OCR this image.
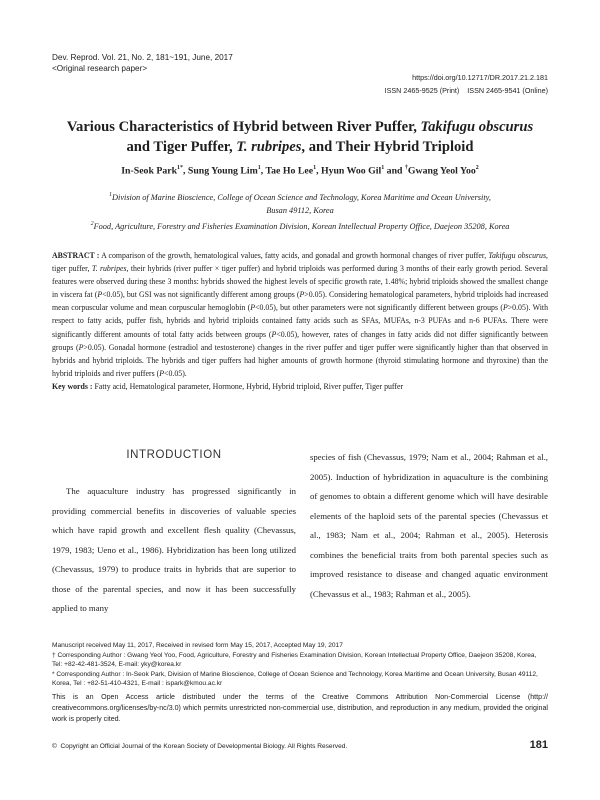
Dev. Reprod. Vol. 21, No. 2, 181~191, June, 2017
<Original research paper>
https://doi.org/10.12717/DR.2017.21.2.181
ISSN 2465-9525 (Print)    ISSN 2465-9541 (Online)
Various Characteristics of Hybrid between River Puffer, Takifugu obscurus
and Tiger Puffer, T. rubripes, and Their Hybrid Triploid
In-Seok Park$^{1*}$, Sung Young Lim$^1$, Tae Ho Lee$^1$, Hyun Woo Gil$^1$ and †Gwang Yeol Yoo$^2$
$^1$Division of Marine Bioscience, College of Ocean Science and Technology, Korea Maritime and Ocean University,
Busan 49112, Korea
$^2$Food, Agriculture, Forestry and Fisheries Examination Division, Korean Intellectual Property Office, Daejeon 35208, Korea
ABSTRACT : A comparison of the growth, hematological values, fatty acids, and gonadal and growth hormonal changes of river puffer, Takifugu obscurus, tiger puffer, T. rubripes, their hybrids (river puffer × tiger puffer) and hybrid triploids was performed during 3 months of their early growth period. Several features were observed during these 3 months: hybrids showed the highest levels of specific growth rate, 1.48%; hybrid triploids showed the smallest change in viscera fat (P<0.05), but GSI was not significantly different among groups (P>0.05). Considering hematological parameters, hybrid triploids had increased mean corpuscular volume and mean corpuscular hemoglobin (P<0.05), but other parameters were not significantly different between groups (P>0.05). With respect to fatty acids, puffer fish, hybrids and hybrid triploids contained fatty acids such as SFAs, MUFAs, n-3 PUFAs and n-6 PUFAs. There were significantly different amounts of total fatty acids between groups (P<0.05), however, rates of changes in fatty acids did not differ significantly between groups (P>0.05). Gonadal hormone (estradiol and testosterone) changes in the river puffer and tiger puffer were significantly higher than that observed in hybrids and hybrid triploids. The hybrids and tiger puffers had higher amounts of growth hormone (thyroid stimulating hormone and thyroxine) than the hybrid triploids and river puffers (P<0.05).
Key words : Fatty acid, Hematological parameter, Hormone, Hybrid, Hybrid triploid, River puffer, Tiger puffer
INTRODUCTION
The aquaculture industry has progressed significantly in providing commercial benefits in discoveries of valuable species which have rapid growth and excellent flesh quality (Chevassus, 1979, 1983; Ueno et al., 1986). Hybridization has been long utilized (Chevassus, 1979) to produce traits in hybrids that are superior to those of the parental species, and now it has been successfully applied to many
species of fish (Chevassus, 1979; Nam et al., 2004; Rahman et al., 2005). Induction of hybridization in aquaculture is the combining of genomes to obtain a different genome which will have desirable elements of the haploid sets of the parental species (Chevassus et al., 1983; Nam et al., 2004; Rahman et al., 2005). Heterosis combines the beneficial traits from both parental species such as improved resistance to disease and changed aquatic environment (Chevassus et al., 1983; Rahman et al., 2005).
Manuscript received May 11, 2017, Received in revised form May 15, 2017, Accepted May 19, 2017
† Corresponding Author : Gwang Yeol Yoo, Food, Agriculture, Forestry and Fisheries Examination Division, Korean Intellectual Property Office, Daejeon 35208, Korea, Tel: +82-42-481-3524, E-mail: yky@korea.kr
* Corresponding Author : In-Seok Park, Division of Marine Bioscience, College of Ocean Science and Technology, Korea Maritime and Ocean University, Busan 49112, Korea, Tel : +82-51-410-4321, E-mail : ispark@kmou.ac.kr
This is an Open Access article distributed under the terms of the Creative Commons Attribution Non-Commercial License (http:// creativecommons.org/licenses/by-nc/3.0) which permits unrestricted non-commercial use, distribution, and reproduction in any medium, provided the original work is properly cited.
©  Copyright an Official Journal of the Korean Society of Developmental Biology. All Rights Reserved.	181
